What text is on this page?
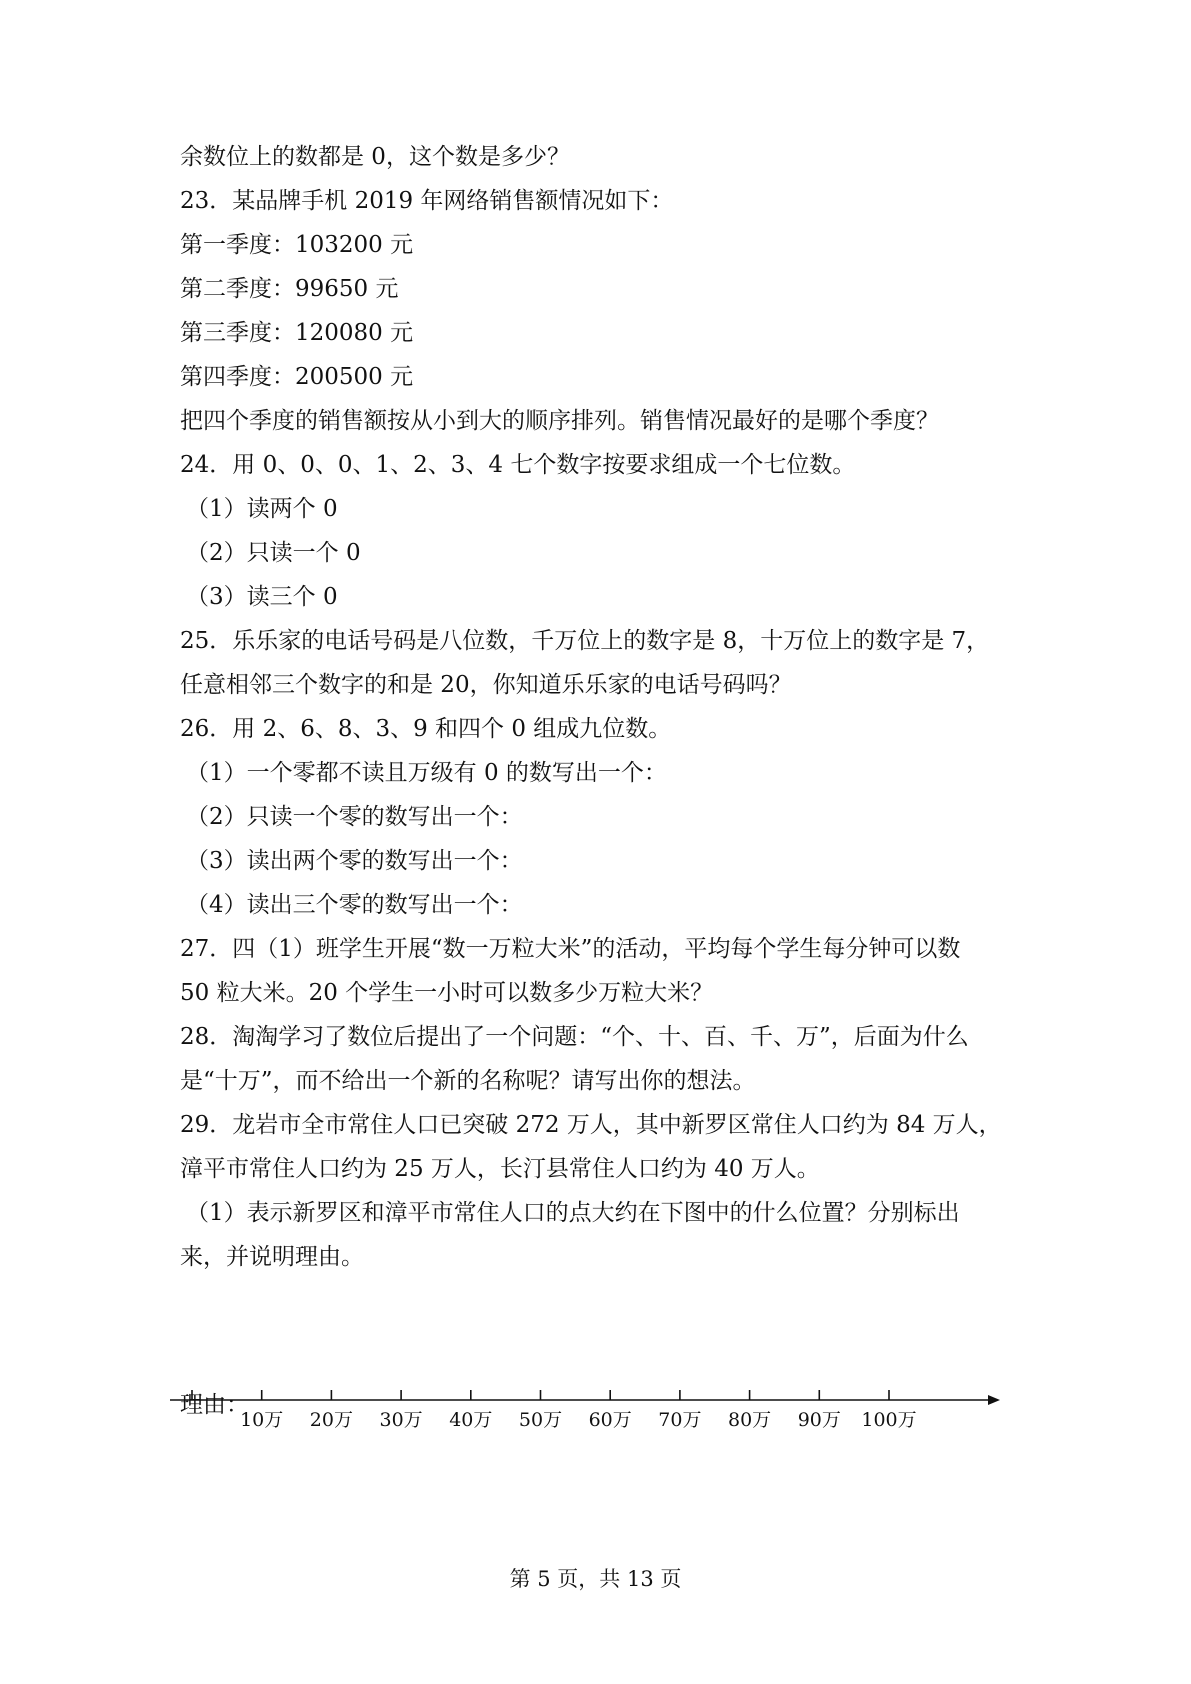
余数位上的数都是 0，这个数是多少？
23．某品牌手机 2019 年网络销售额情况如下：
第一季度：103200 元
第二季度：99650 元
第三季度：120080 元
第四季度：200500 元
把四个季度的销售额按从小到大的顺序排列。销售情况最好的是哪个季度？
24．用 0、0、0、1、2、3、4 七个数字按要求组成一个七位数。
（1）读两个 0
（2）只读一个 0
（3）读三个 0
25．乐乐家的电话号码是八位数，千万位上的数字是 8，十万位上的数字是 7，
任意相邻三个数字的和是 20，你知道乐乐家的电话号码吗？
26．用 2、6、8、3、9 和四个 0 组成九位数。
（1）一个零都不读且万级有 0 的数写出一个：
（2）只读一个零的数写出一个：
（3）读出两个零的数写出一个：
（4）读出三个零的数写出一个：
27．四（1）班学生开展“数一万粒大米”的活动，平均每个学生每分钟可以数
50 粒大米。20 个学生一小时可以数多少万粒大米？
28．淘淘学习了数位后提出了一个问题：“个、十、百、千、万”，后面为什么
是“十万”，而不给出一个新的名称呢？请写出你的想法。
29．龙岩市全市常住人口已突破 272 万人，其中新罗区常住人口约为 84 万人，
漳平市常住人口约为 25 万人，长汀县常住人口约为 40 万人。
（1）表示新罗区和漳平市常住人口的点大约在下图中的什么位置？分别标出
来，并说明理由。
10万 20万 30万 40万 50万 60万 70万 80万 90万 100万
理由：
第 5 页，共 13 页
